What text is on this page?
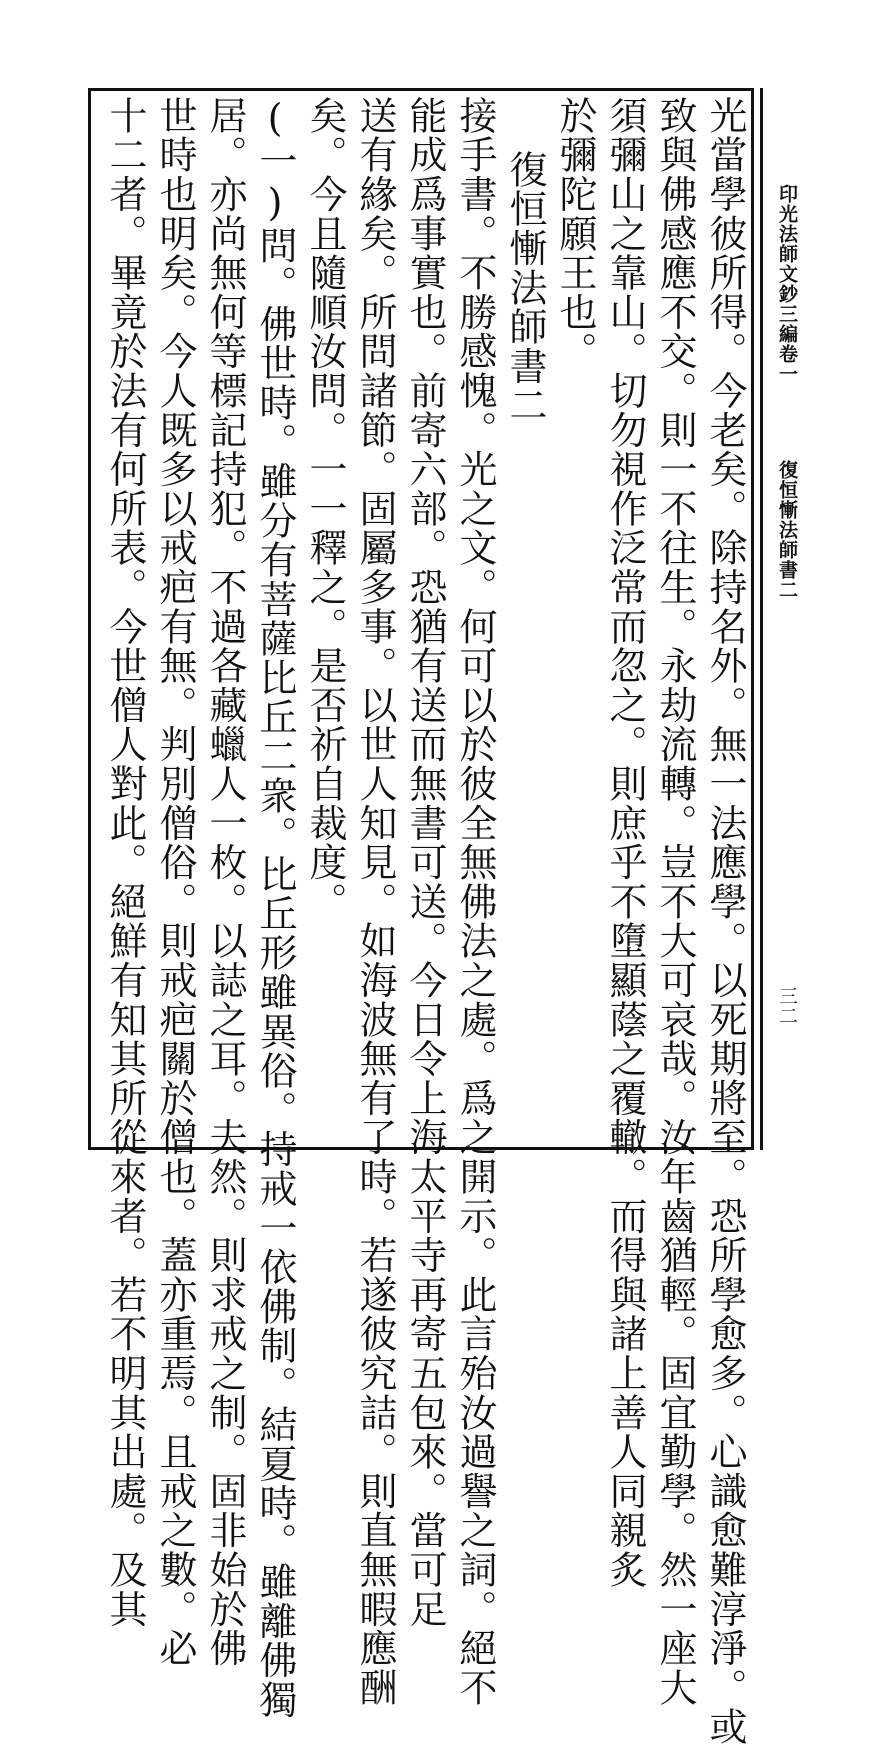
印光法師文鈔三編卷一
復恒慚法師書二
三二
光當學彼所得。今老矣。除持名外。無一法應學。以死期將至。恐所學愈多。心識愈難淳淨。或
致與佛感應不交。則一不往生。永劫流轉。豈不大可哀哉。汝年齒猶輕。固宜勤學。然一座大
須彌山之靠山。切勿視作泛常而忽之。則庶乎不墮顯蔭之覆轍。而得與諸上善人同親炙
於彌陀願王也。
復恒慚法師書二
接手書。不勝感愧。光之文。何可以於彼全無佛法之處。爲之開示。此言殆汝過譽之詞。絕不
能成爲事實也。前寄六部。恐猶有送而無書可送。今日令上海太平寺再寄五包來。當可足
送有緣矣。所問諸節。固屬多事。以世人知見。如海波無有了時。若遂彼究詰。則直無暇應酬
矣。今且隨順汝問。一一釋之。是否祈自裁度。
(一)問。佛世時。雖分有菩薩比丘二衆。比丘形雖異俗。持戒一依佛制。結夏時。雖離佛獨
居。亦尚無何等標記持犯。不過各藏蠟人一枚。以誌之耳。夫然。則求戒之制。固非始於佛
世時也明矣。今人既多以戒疤有無。判別僧俗。則戒疤關於僧也。蓋亦重焉。且戒之數。必
十二者。畢竟於法有何所表。今世僧人對此。絕鮮有知其所從來者。若不明其出處。及其
